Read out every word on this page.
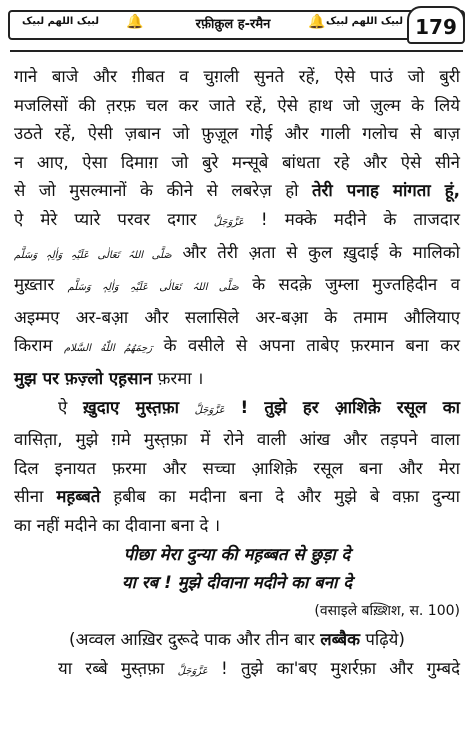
لبیک اللهم لبیک 🔔	रफ़ीक़ुल ह-रमैन	🔔 لبیک اللهم لبیک 179
गाने बाजे और ग़ीबत व चुग़ली सुनते रहें, ऐसे पाउं जो बुरी
मजलिसों की त़रफ़ चल कर जाते रहें, ऐसे हाथ जो ज़ुल्म के लिये
उठते रहें, ऐसी ज़बान जो फ़ुज़ूल गोई और गाली गलोच से बाज़
न आए, ऐसा दिमाग़ जो बुरे मन्सूबे बांधता रहे और ऐसे सीने
से जो मुसल्मानों के कीने से लबरेज़ हो तेरी पनाह मांगता हूं,
ऐ मेरे प्यारे परवर दगार عَزَّوَجَلَّ ! मक्के मदीने के ताजदार
صَلَّی اللہُ تَعَالٰی عَلَیْہِ وَاٰلِہٖ وَسَلَّم और तेरी अ़ता से कुल ख़ुदाई के मालिको
मुख़्तार صَلَّی اللہُ تَعَالٰی عَلَیْہِ وَاٰلِہٖ وَسَلَّم के सदक़े जुम्ला मुज्तहिदीन व
अइम्मए अर-बआ़ और सलासिले अर-बआ़ के तमाम औलियाए
किराम رَحِمَهُمُ اللّٰهُ السَّلام के वसीले से अपना ताबेए फ़रमान बना कर
मुझ पर फ़ज़्लो एह़सान फ़रमा ।
ऐ ख़ुदाए मुस्त़फ़ा عَزَّوَجَلَّ ! तुझे हर आ़शिक़े रसूल का
वासित़ा, मुझे ग़मे मुस्त़फ़ा में रोने वाली आंख और तड़पने वाला
दिल इनायत फ़रमा और सच्चा आ़शिक़े रसूल बना और मेरा
सीना मह़ब्बते ह़बीब का मदीना बना दे और मुझे बे वफ़ा दुन्या
का नहीं मदीने का दीवाना बना दे ।
पीछा मेरा दुन्या की मह़ब्बत से छुड़ा दे
या रब ! मुझे दीवाना मदीने का बना दे
(वसाइले बख़्शिश, स. 100)
(अव्वल आख़िर दुरूदे पाक और तीन बार लब्बैक पढ़िये)
या रब्बे मुस्त़फ़ा عَزَّوَجَلَّ ! तुझे का'बए मुशर्रफ़ा और गुम्बदे
